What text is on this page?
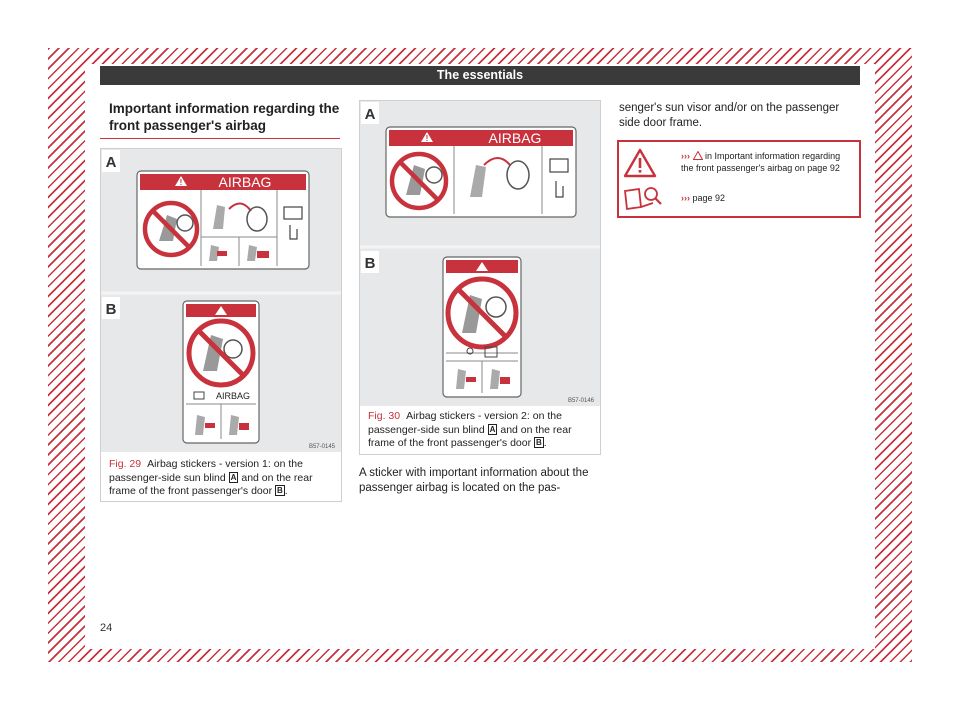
The essentials
Important information regarding the front passenger's airbag
A
!	AIRBAG
B
AIRBAG
B57-0145
Fig. 29 Airbag stickers - version 1: on the passenger-side sun blind A and on the rear frame of the front passenger's door B .
A
!	AIRBAG
B
B57-0146
Fig. 30 Airbag stickers - version 2: on the passenger-side sun blind A and on the rear frame of the front passenger's door B .
A sticker with important information about the passenger airbag is located on the pas-
senger's sun visor and/or on the passenger side door frame.
››› in Important information regarding the front passenger's airbag on page 92
››› page 92
24
